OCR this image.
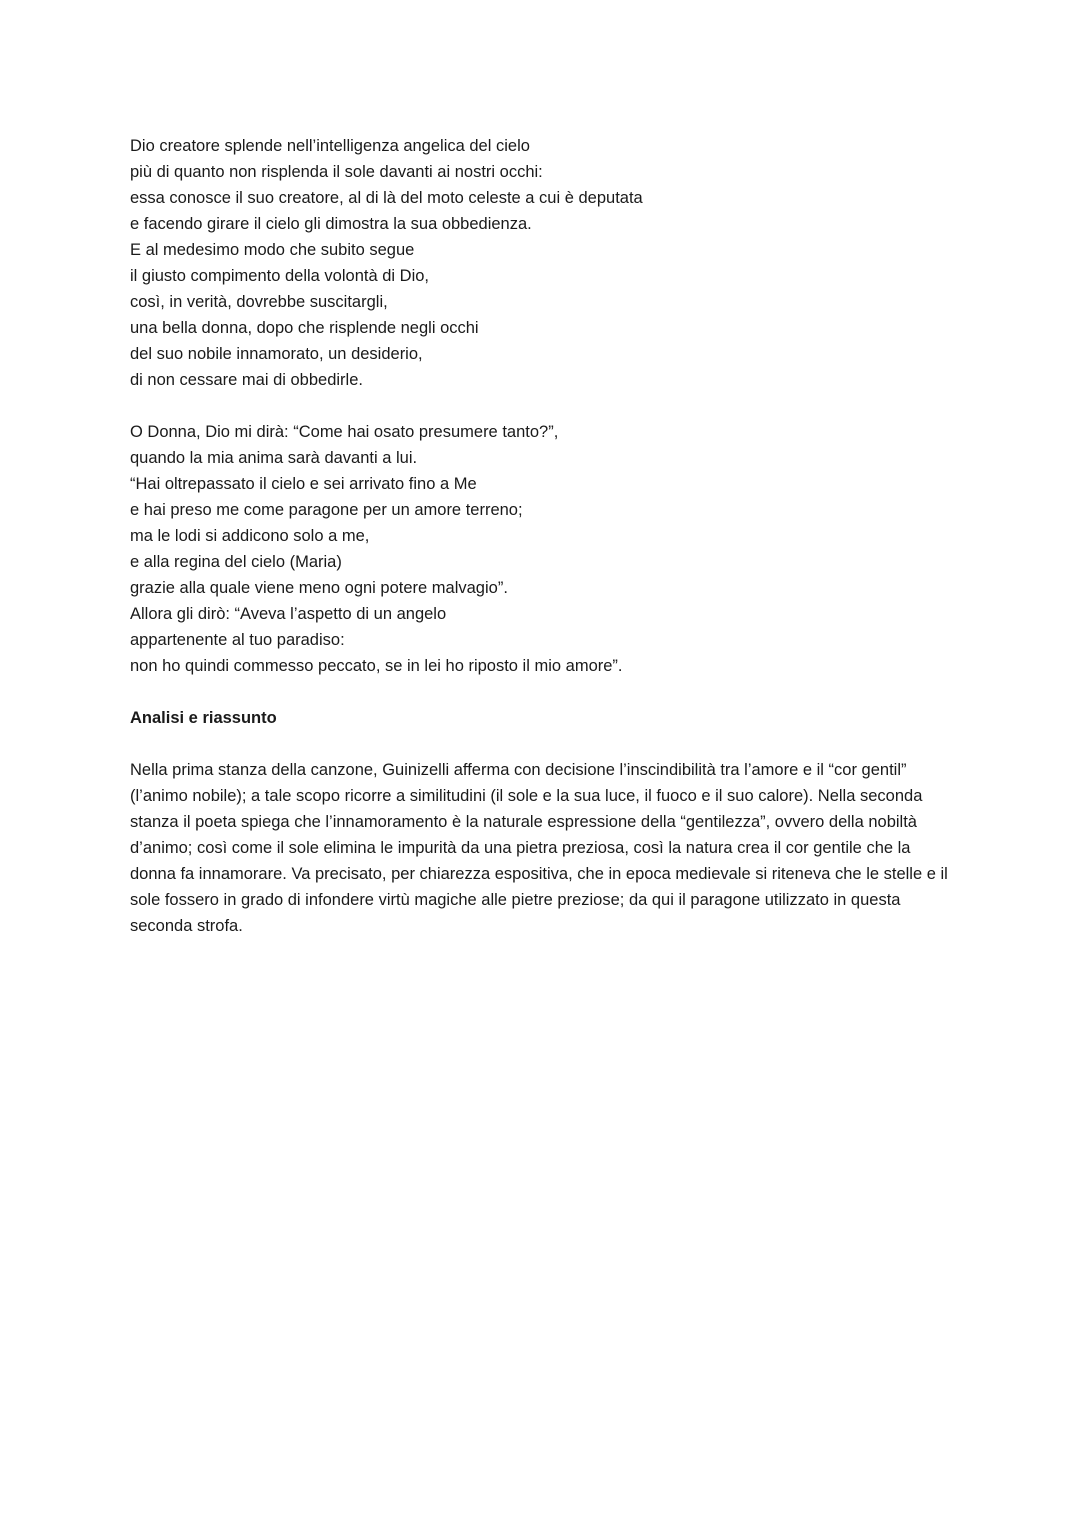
Dio creatore splende nell’intelligenza angelica del cielo

più di quanto non risplenda il sole davanti ai nostri occhi:

essa conosce il suo creatore, al di là del moto celeste a cui è deputata

e facendo girare il cielo gli dimostra la sua obbedienza.

E al medesimo modo che subito segue

il giusto compimento della volontà di Dio,

così, in verità, dovrebbe suscitargli,

una bella donna, dopo che risplende negli occhi

del suo nobile innamorato, un desiderio,

di non cessare mai di obbedirle.

O Donna, Dio mi dirà: “Come hai osato presumere tanto?”,

quando la mia anima sarà davanti a lui.

“Hai oltrepassato il cielo e sei arrivato fino a Me

e hai preso me come paragone per un amore terreno;

ma le lodi si addicono solo a me,

e alla regina del cielo (Maria)

grazie alla quale viene meno ogni potere malvagio”.

Allora gli dirò: “Aveva l’aspetto di un angelo

appartenente al tuo paradiso:

non ho quindi commesso peccato, se in lei ho riposto il mio amore”.

Analisi e riassunto

Nella prima stanza della canzone, Guinizelli afferma con decisione l’inscindibilità tra l’amore e il “cor gentil” (l’animo nobile); a tale scopo ricorre a similitudini (il sole e la sua luce, il fuoco e il suo calore). Nella seconda stanza il poeta spiega che l’innamoramento è la naturale espressione della “gentilezza”, ovvero della nobiltà d’animo; così come il sole elimina le impurità da una pietra preziosa, così la natura crea il cor gentile che la donna fa innamorare. Va precisato, per chiarezza espositiva, che in epoca medievale si riteneva che le stelle e il sole fossero in grado di infondere virtù magiche alle pietre preziose; da qui il paragone utilizzato in questa seconda strofa.
